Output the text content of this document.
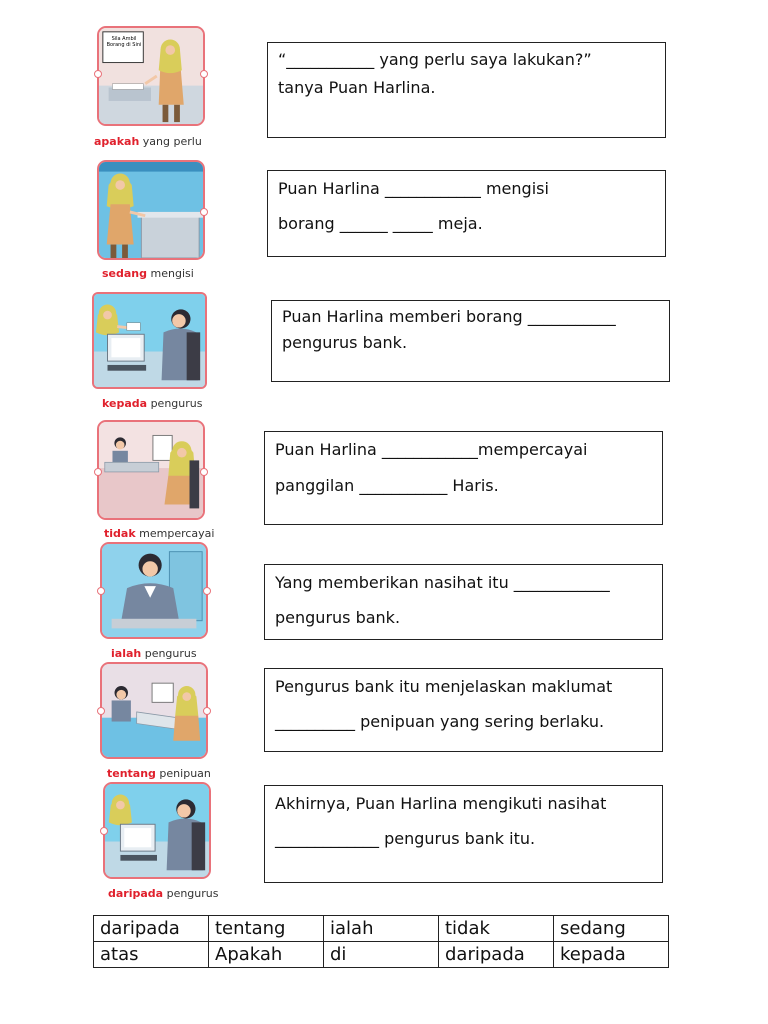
Sila Ambil Borang di Sini
apakah yang perlu
sedang mengisi
kepada pengurus
tidak mempercayai
ialah pengurus
tentang penipuan
daripada pengurus
“___________ yang perlu saya lakukan?”
tanya Puan Harlina.
Puan Harlina ____________ mengisi
borang ______ _____ meja.
Puan Harlina memberi borang ___________
pengurus bank.
Puan Harlina ____________mempercayai
panggilan ___________ Haris.
Yang memberikan nasihat itu ____________
pengurus bank.
Pengurus bank itu menjelaskan maklumat
__________ penipuan yang sering berlaku.
Akhirnya, Puan Harlina mengikuti nasihat
_____________ pengurus bank itu.
daripada	tentang	ialah	tidak	sedang
atas	Apakah	di	daripada	kepada
